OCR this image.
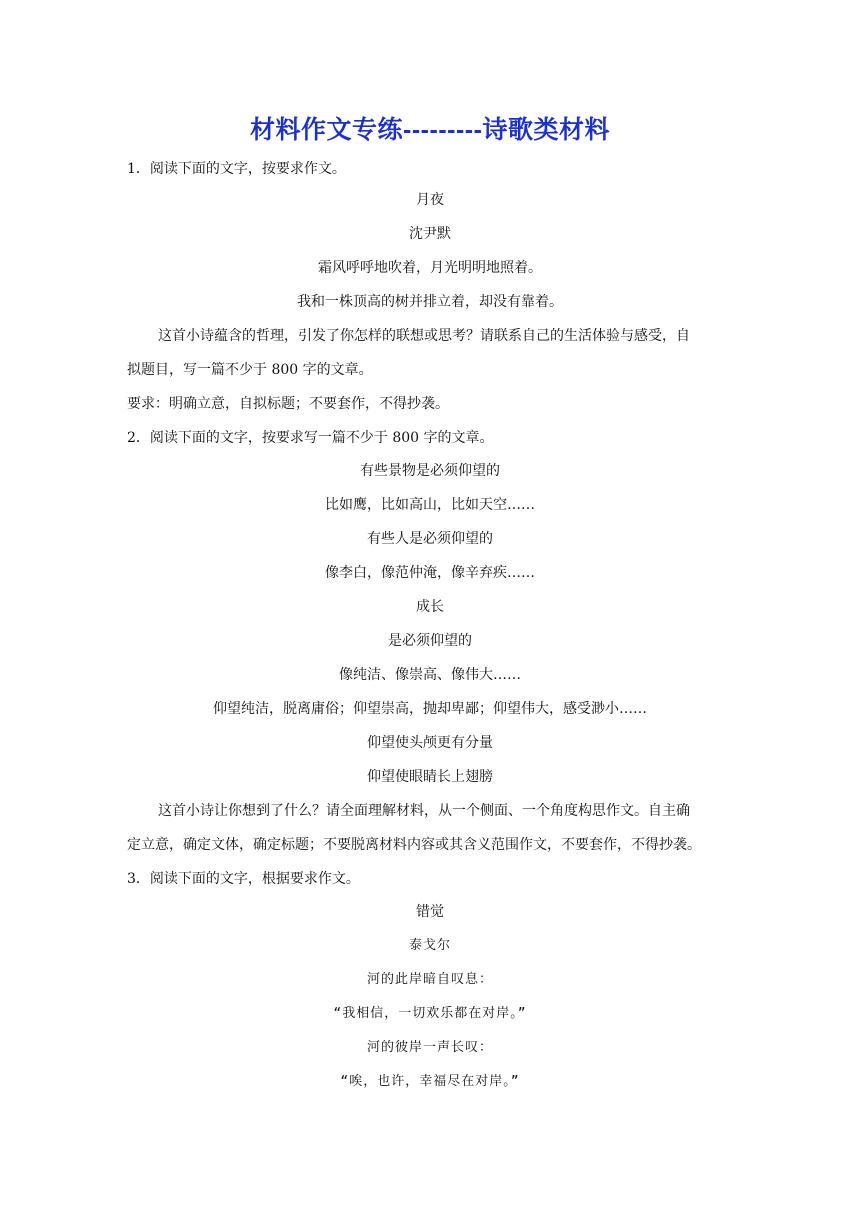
材料作文专练---------诗歌类材料
1．阅读下面的文字，按要求作文。
月夜
沈尹默
霜风呼呼地吹着，月光明明地照着。
我和一株顶高的树并排立着，却没有靠着。
这首小诗蕴含的哲理，引发了你怎样的联想或思考？请联系自己的生活体验与感受，自
拟题目，写一篇不少于 800 字的文章。
要求：明确立意，自拟标题；不要套作，不得抄袭。
2．阅读下面的文字，按要求写一篇不少于 800 字的文章。
有些景物是必须仰望的
比如鹰，比如高山，比如天空……
有些人是必须仰望的
像李白，像范仲淹，像辛弃疾……
成长
是必须仰望的
像纯洁、像崇高、像伟大……
仰望纯洁，脱离庸俗；仰望崇高，抛却卑鄙；仰望伟大，感受渺小……
仰望使头颅更有分量
仰望使眼睛长上翅膀
这首小诗让你想到了什么？请全面理解材料，从一个侧面、一个角度构思作文。自主确
定立意，确定文体，确定标题；不要脱离材料内容或其含义范围作文，不要套作，不得抄袭。
3．阅读下面的文字，根据要求作文。
错觉
泰戈尔
河的此岸暗自叹息：
“我相信，一切欢乐都在对岸。”
河的彼岸一声长叹：
“唉，也许，幸福尽在对岸。”
